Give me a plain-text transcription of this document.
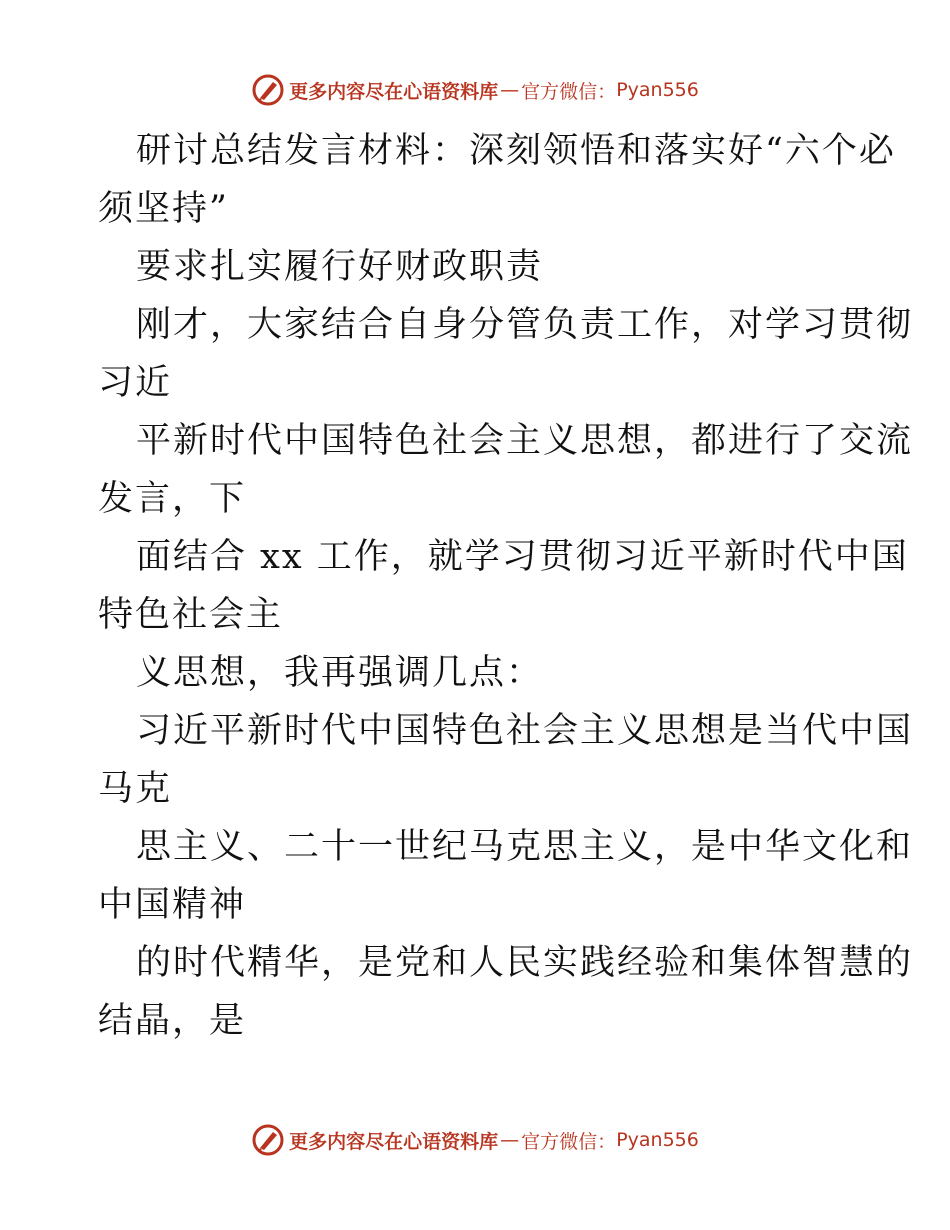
更多内容尽在心语资料库 — 官方微信： Pyan556
研讨总结发言材料：深刻领悟和落实好“六个必
须坚持”
要求扎实履行好财政职责
刚才，大家结合自身分管负责工作，对学习贯彻
习近
平新时代中国特色社会主义思想，都进行了交流
发言，下
面结合 xx 工作，就学习贯彻习近平新时代中国
特色社会主
义思想，我再强调几点：
习近平新时代中国特色社会主义思想是当代中国
马克
思主义、二十一世纪马克思主义，是中华文化和
中国精神
的时代精华，是党和人民实践经验和集体智慧的
结晶，是
更多内容尽在心语资料库 — 官方微信： Pyan556
